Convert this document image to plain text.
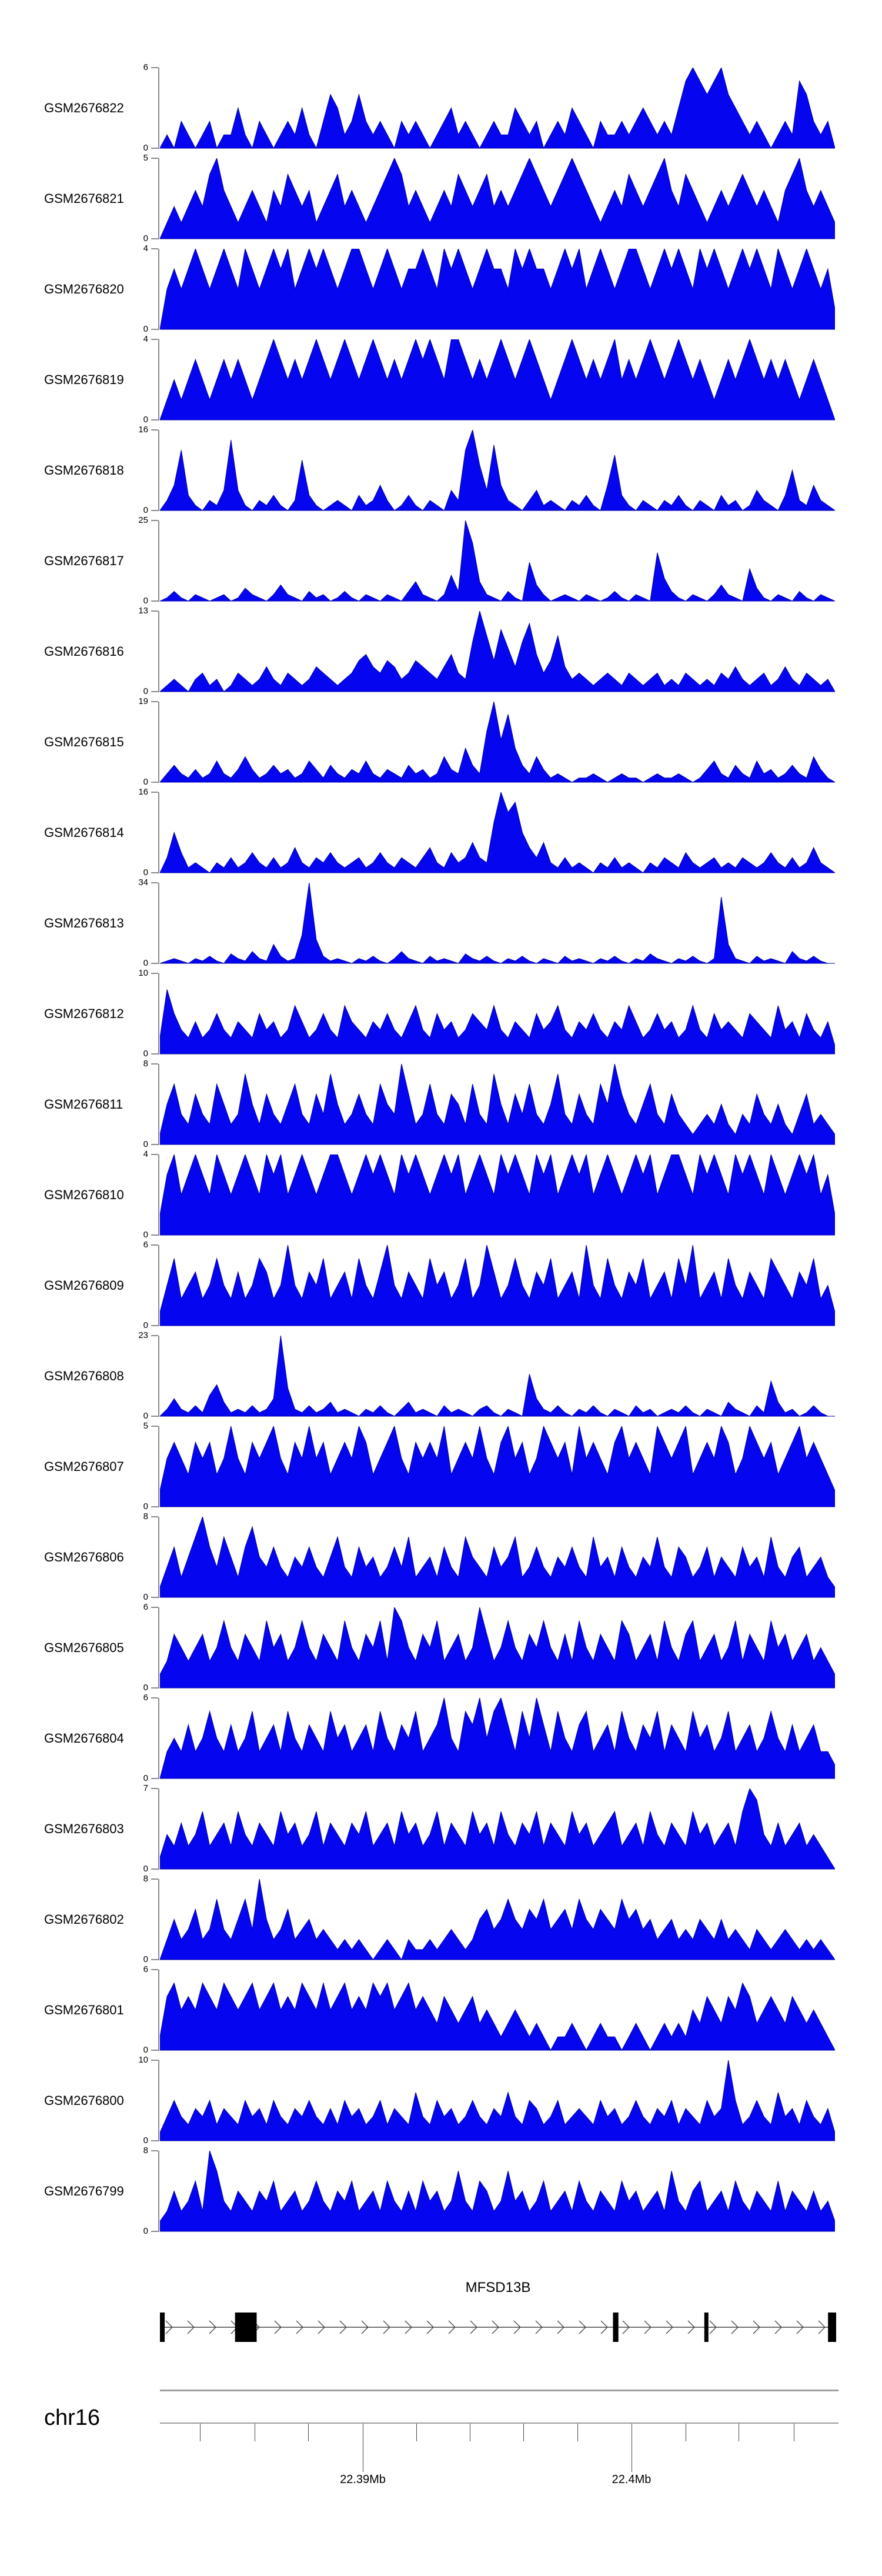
GSM2676822
6
0
GSM2676821
5
0
GSM2676820
4
0
GSM2676819
4
0
GSM2676818
16
0
GSM2676817
25
0
GSM2676816
13
0
GSM2676815
19
0
GSM2676814
16
0
GSM2676813
34
0
GSM2676812
10
0
GSM2676811
8
0
GSM2676810
4
0
GSM2676809
6
0
GSM2676808
23
0
GSM2676807
5
0
GSM2676806
8
0
GSM2676805
6
0
GSM2676804
6
0
GSM2676803
7
0
GSM2676802
8
0
GSM2676801
6
0
GSM2676800
10
0
GSM2676799
8
0
MFSD13B
chr16
22.39Mb	22.4Mb
